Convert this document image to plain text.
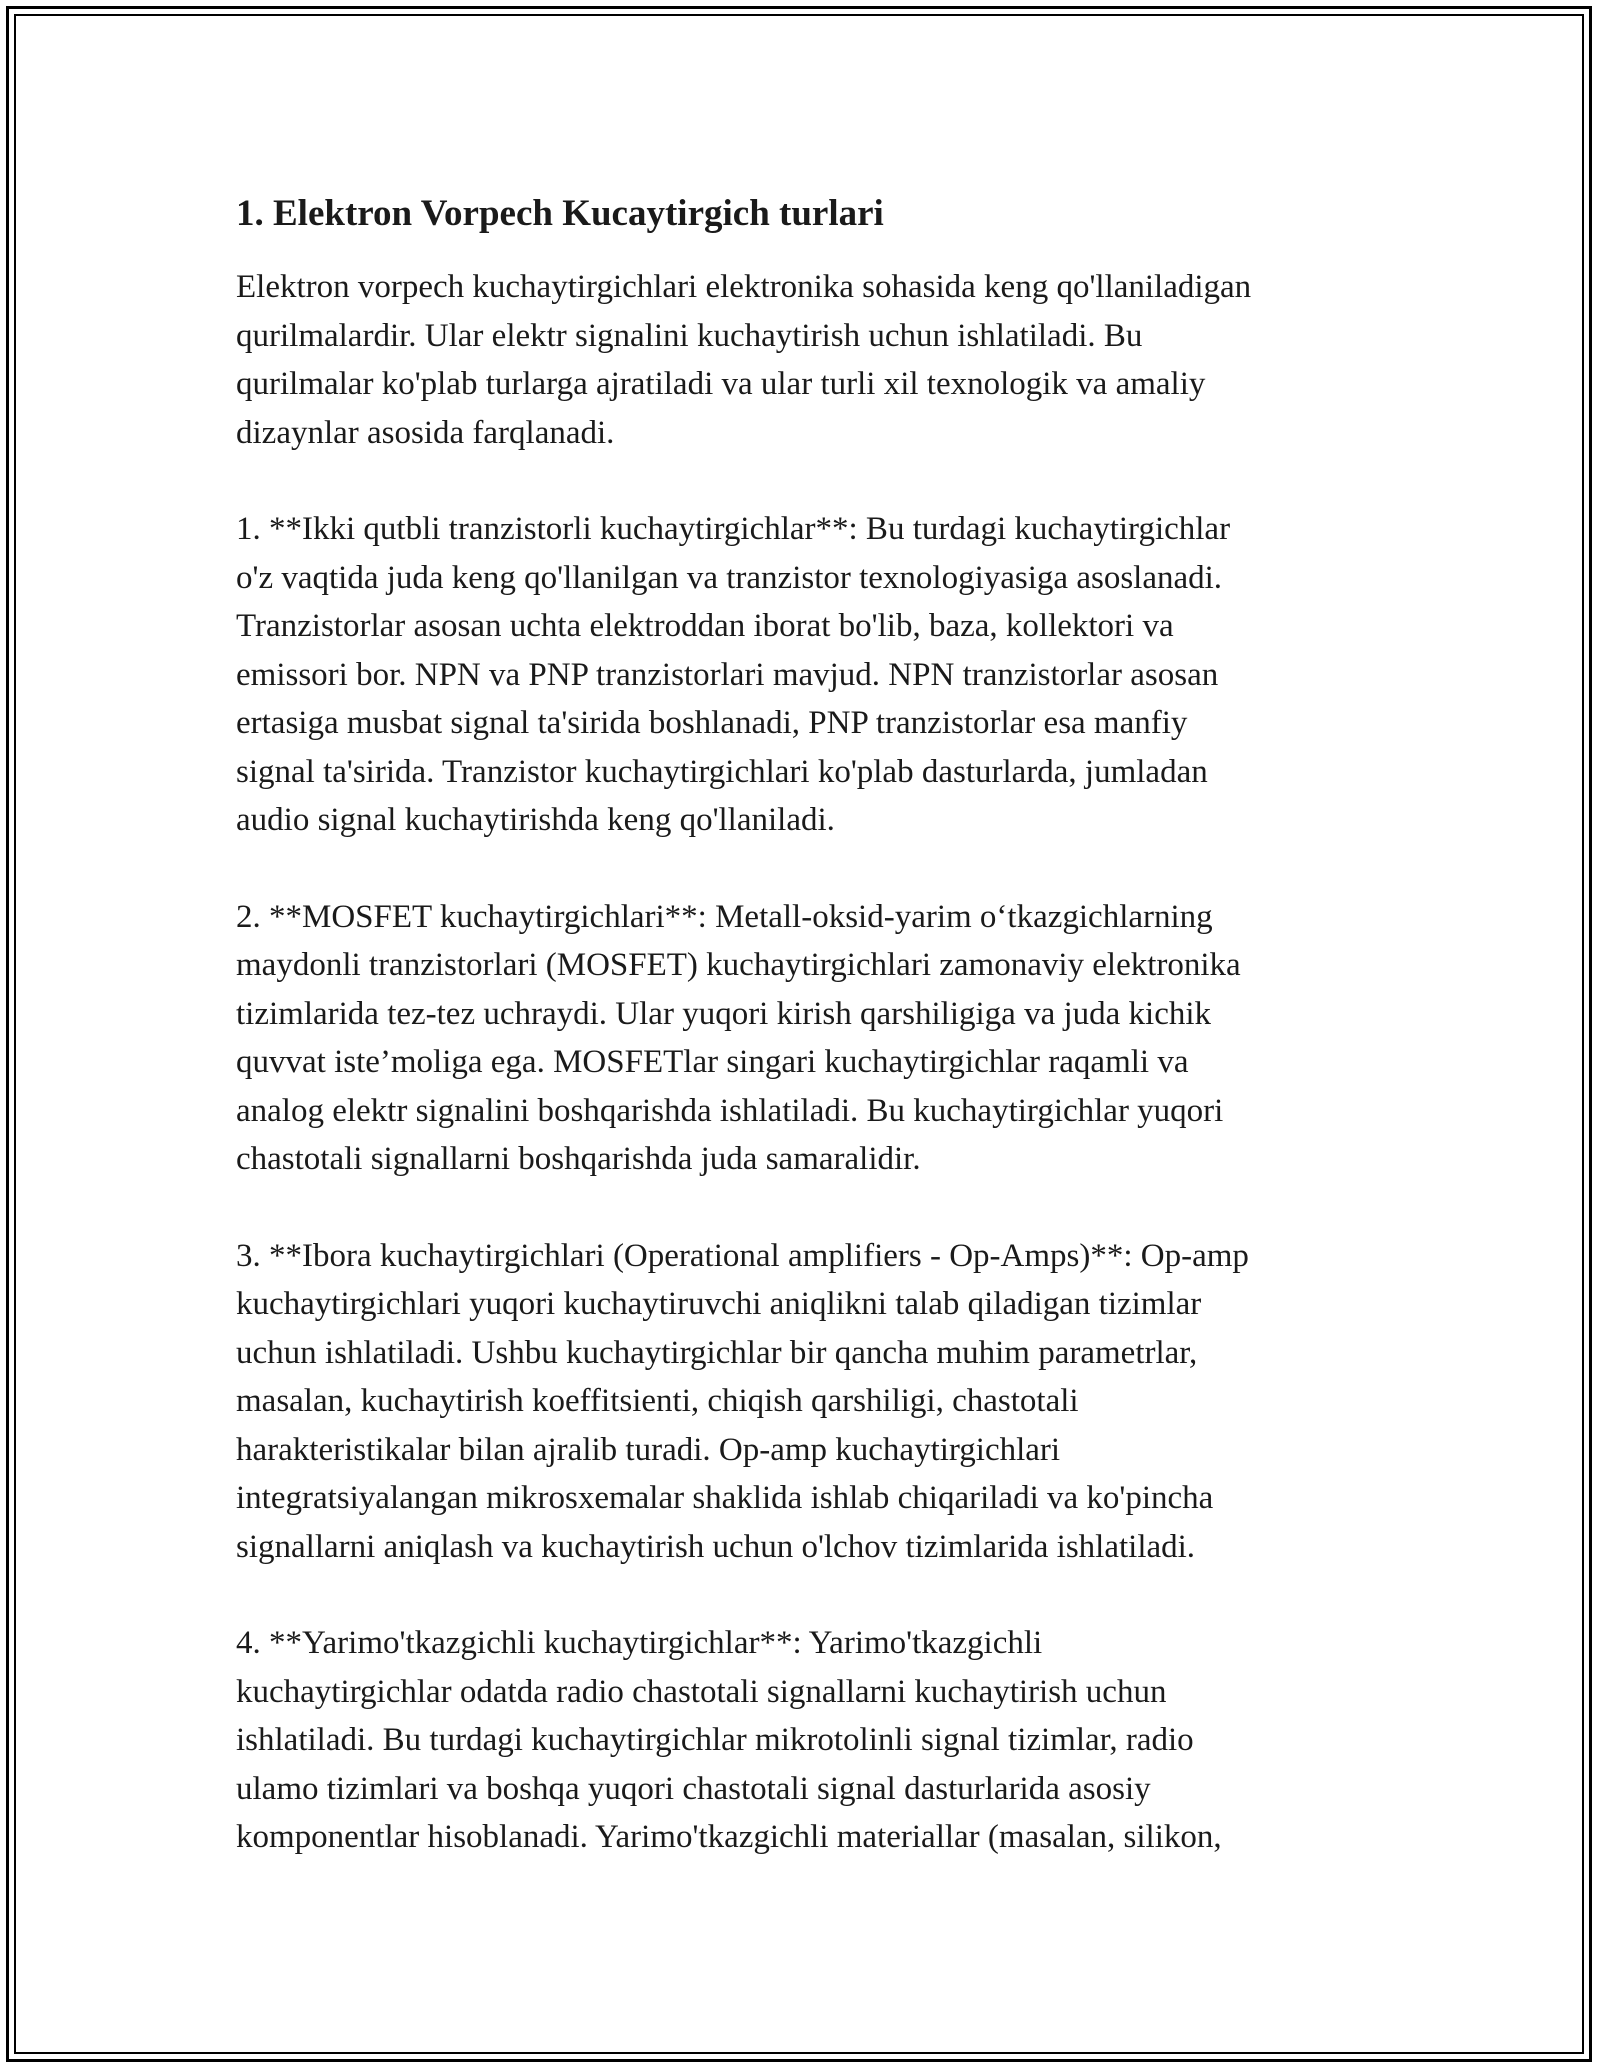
1. Elektron Vorpech Kucaytirgich turlari

Elektron vorpech kuchaytirgichlari elektronika sohasida keng qo'llaniladigan
qurilmalardir. Ular elektr signalini kuchaytirish uchun ishlatiladi. Bu
qurilmalar ko'plab turlarga ajratiladi va ular turli xil texnologik va amaliy
dizaynlar asosida farqlanadi.

1. **Ikki qutbli tranzistorli kuchaytirgichlar**: Bu turdagi kuchaytirgichlar
o'z vaqtida juda keng qo'llanilgan va tranzistor texnologiyasiga asoslanadi.
Tranzistorlar asosan uchta elektroddan iborat bo'lib, baza, kollektori va
emissori bor. NPN va PNP tranzistorlari mavjud. NPN tranzistorlar asosan
ertasiga musbat signal ta'sirida boshlanadi, PNP tranzistorlar esa manfiy
signal ta'sirida. Tranzistor kuchaytirgichlari ko'plab dasturlarda, jumladan
audio signal kuchaytirishda keng qo'llaniladi.

2. **MOSFET kuchaytirgichlari**: Metall-oksid-yarim o‘tkazgichlarning
maydonli tranzistorlari (MOSFET) kuchaytirgichlari zamonaviy elektronika
tizimlarida tez-tez uchraydi. Ular yuqori kirish qarshiligiga va juda kichik
quvvat iste’moliga ega. MOSFETlar singari kuchaytirgichlar raqamli va
analog elektr signalini boshqarishda ishlatiladi. Bu kuchaytirgichlar yuqori
chastotali signallarni boshqarishda juda samaralidir.

3. **Ibora kuchaytirgichlari (Operational amplifiers - Op-Amps)**: Op-amp
kuchaytirgichlari yuqori kuchaytiruvchi aniqlikni talab qiladigan tizimlar
uchun ishlatiladi. Ushbu kuchaytirgichlar bir qancha muhim parametrlar,
masalan, kuchaytirish koeffitsienti, chiqish qarshiligi, chastotali
harakteristikalar bilan ajralib turadi. Op-amp kuchaytirgichlari
integratsiyalangan mikrosxemalar shaklida ishlab chiqariladi va ko'pincha
signallarni aniqlash va kuchaytirish uchun o'lchov tizimlarida ishlatiladi.

4. **Yarimo'tkazgichli kuchaytirgichlar**: Yarimo'tkazgichli
kuchaytirgichlar odatda radio chastotali signallarni kuchaytirish uchun
ishlatiladi. Bu turdagi kuchaytirgichlar mikrotolinli signal tizimlar, radio
ulamo tizimlari va boshqa yuqori chastotali signal dasturlarida asosiy
komponentlar hisoblanadi. Yarimo'tkazgichli materiallar (masalan, silikon,
